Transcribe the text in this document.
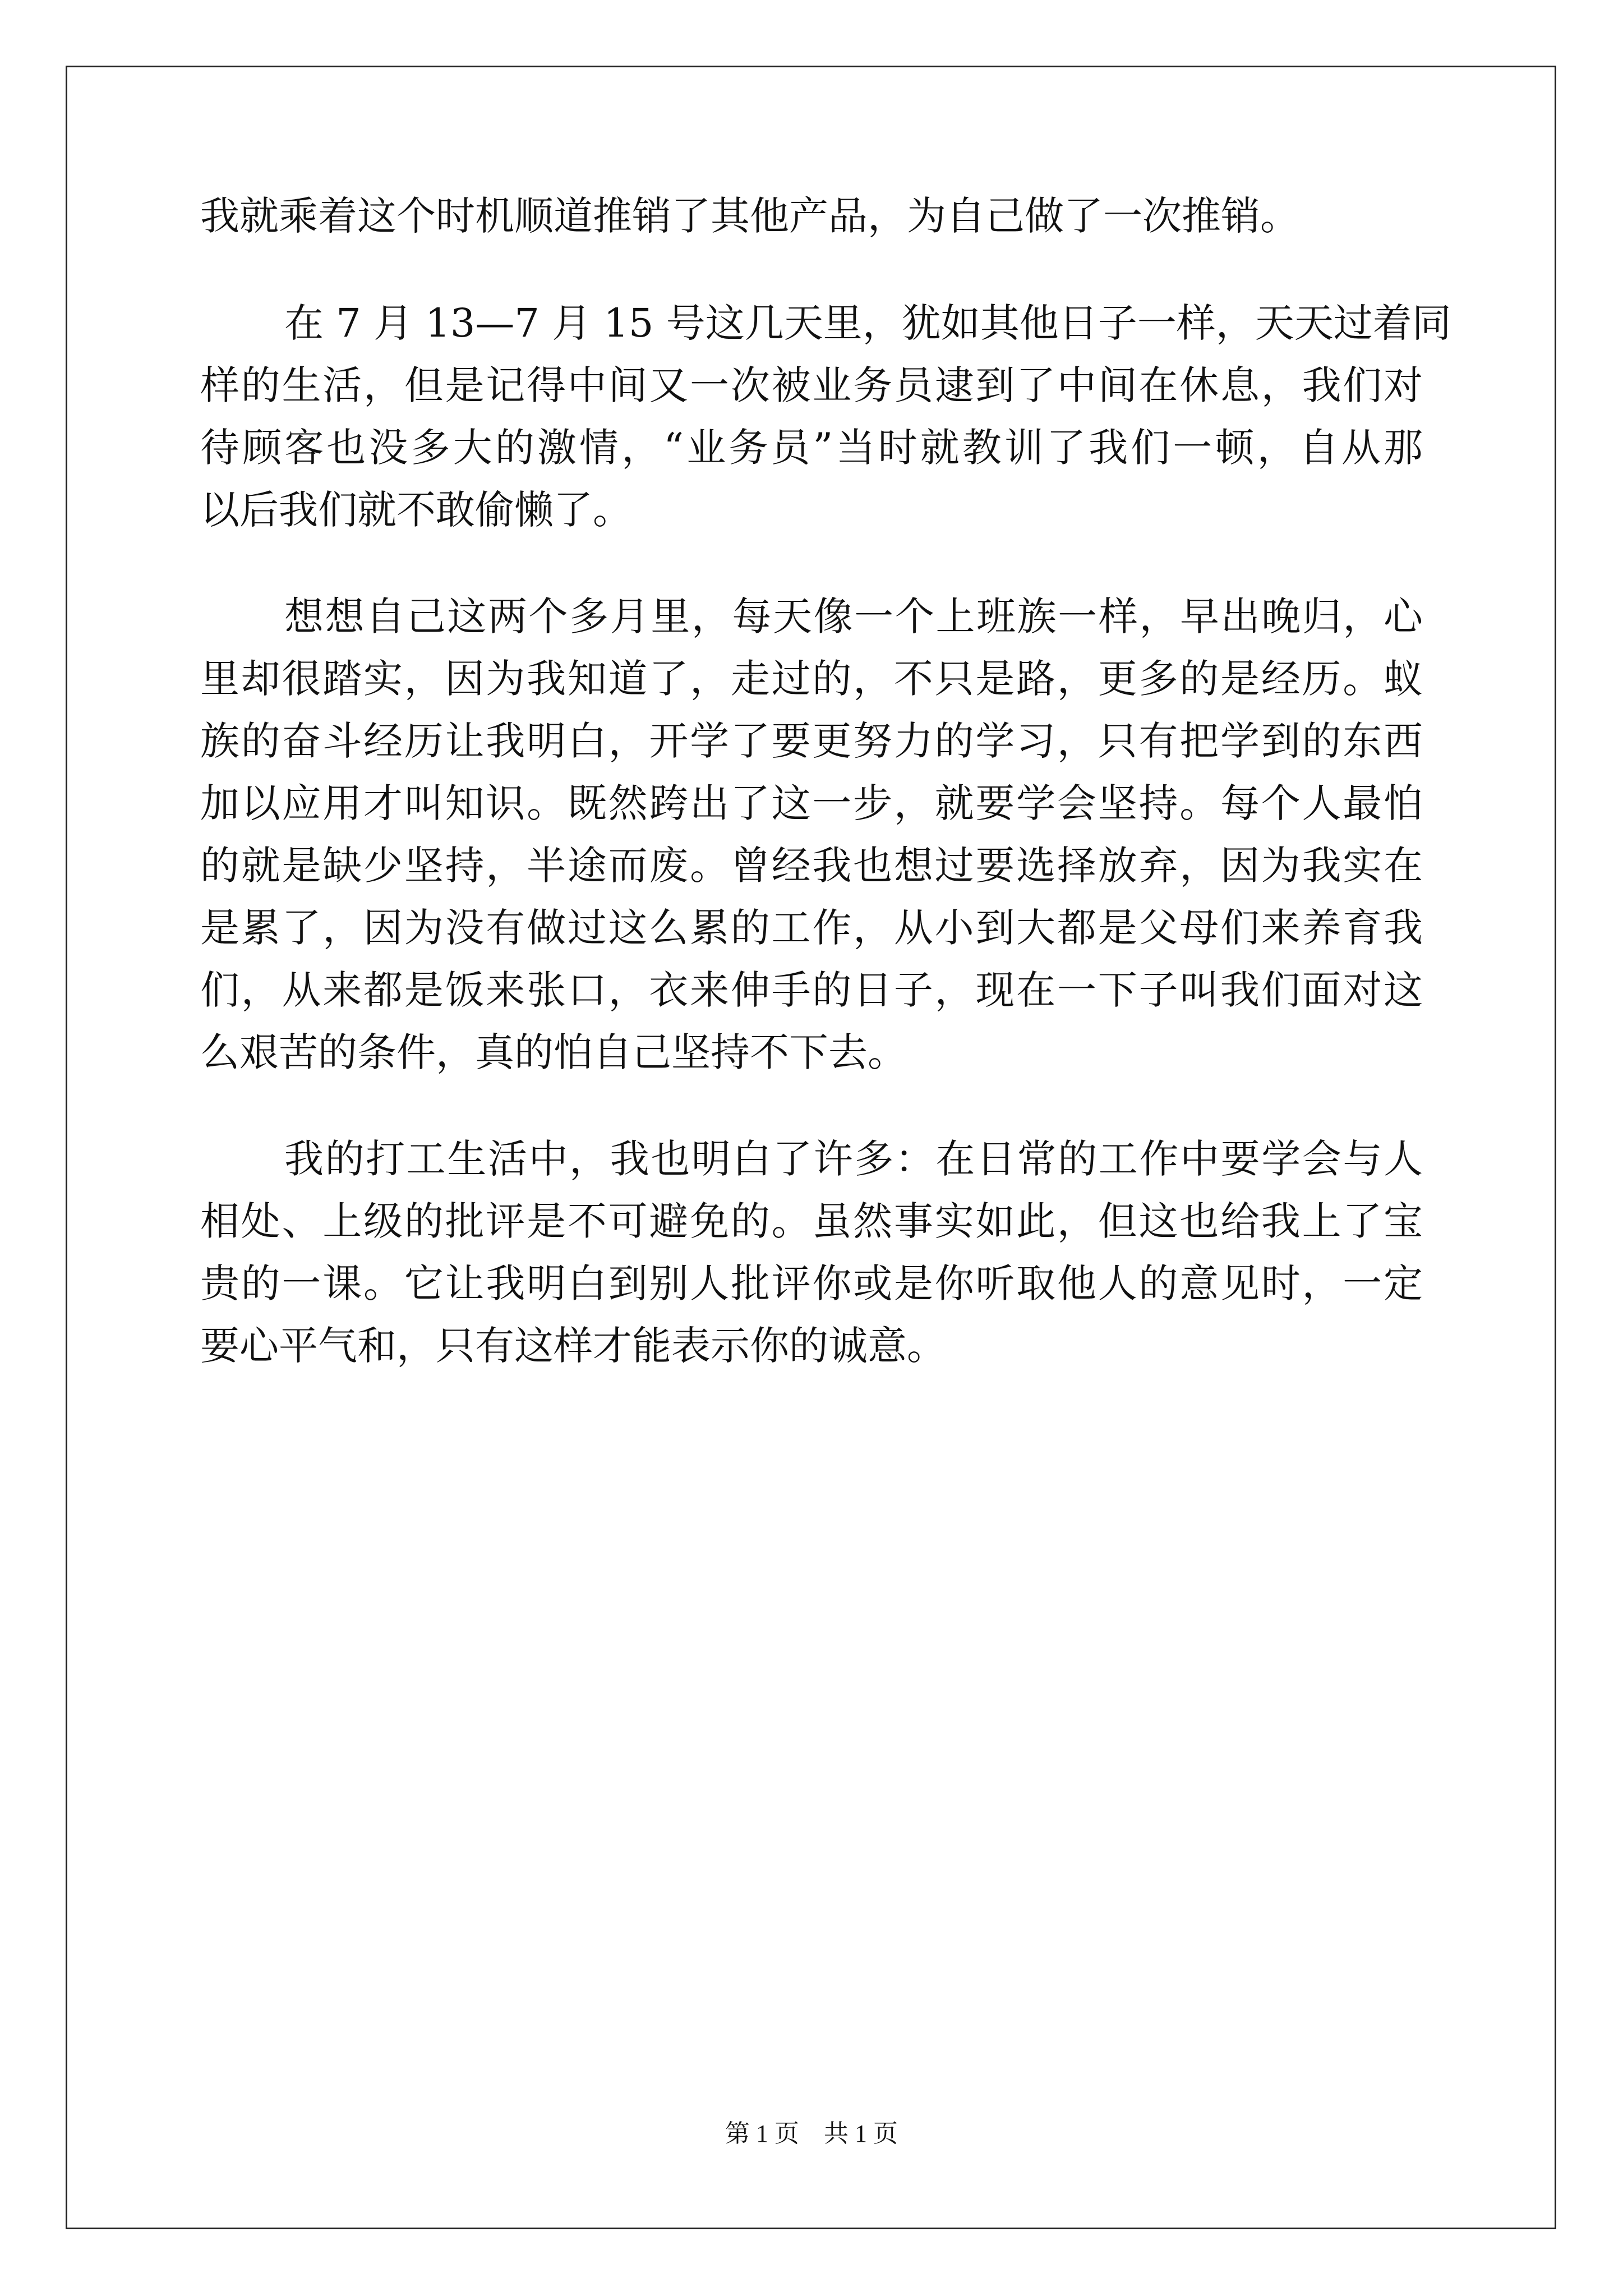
我就乘着这个时机顺道推销了其他产品，为自己做了一次推销。
在 7 月 13—7 月 15 号这几天里，犹如其他日子一样，天天过着同
样的生活，但是记得中间又一次被业务员逮到了中间在休息，我们对
待顾客也没多大的激情，“业务员”当时就教训了我们一顿，自从那
以后我们就不敢偷懒了。
想想自己这两个多月里，每天像一个上班族一样，早出晚归，心
里却很踏实，因为我知道了，走过的，不只是路，更多的是经历。蚁
族的奋斗经历让我明白，开学了要更努力的学习，只有把学到的东西
加以应用才叫知识。既然跨出了这一步，就要学会坚持。每个人最怕
的就是缺少坚持，半途而废。曾经我也想过要选择放弃，因为我实在
是累了，因为没有做过这么累的工作，从小到大都是父母们来养育我
们，从来都是饭来张口，衣来伸手的日子，现在一下子叫我们面对这
么艰苦的条件，真的怕自己坚持不下去。
我的打工生活中，我也明白了许多：在日常的工作中要学会与人
相处、上级的批评是不可避免的。虽然事实如此，但这也给我上了宝
贵的一课。它让我明白到别人批评你或是你听取他人的意见时，一定
要心平气和，只有这样才能表示你的诚意。
第 1 页　共 1 页
